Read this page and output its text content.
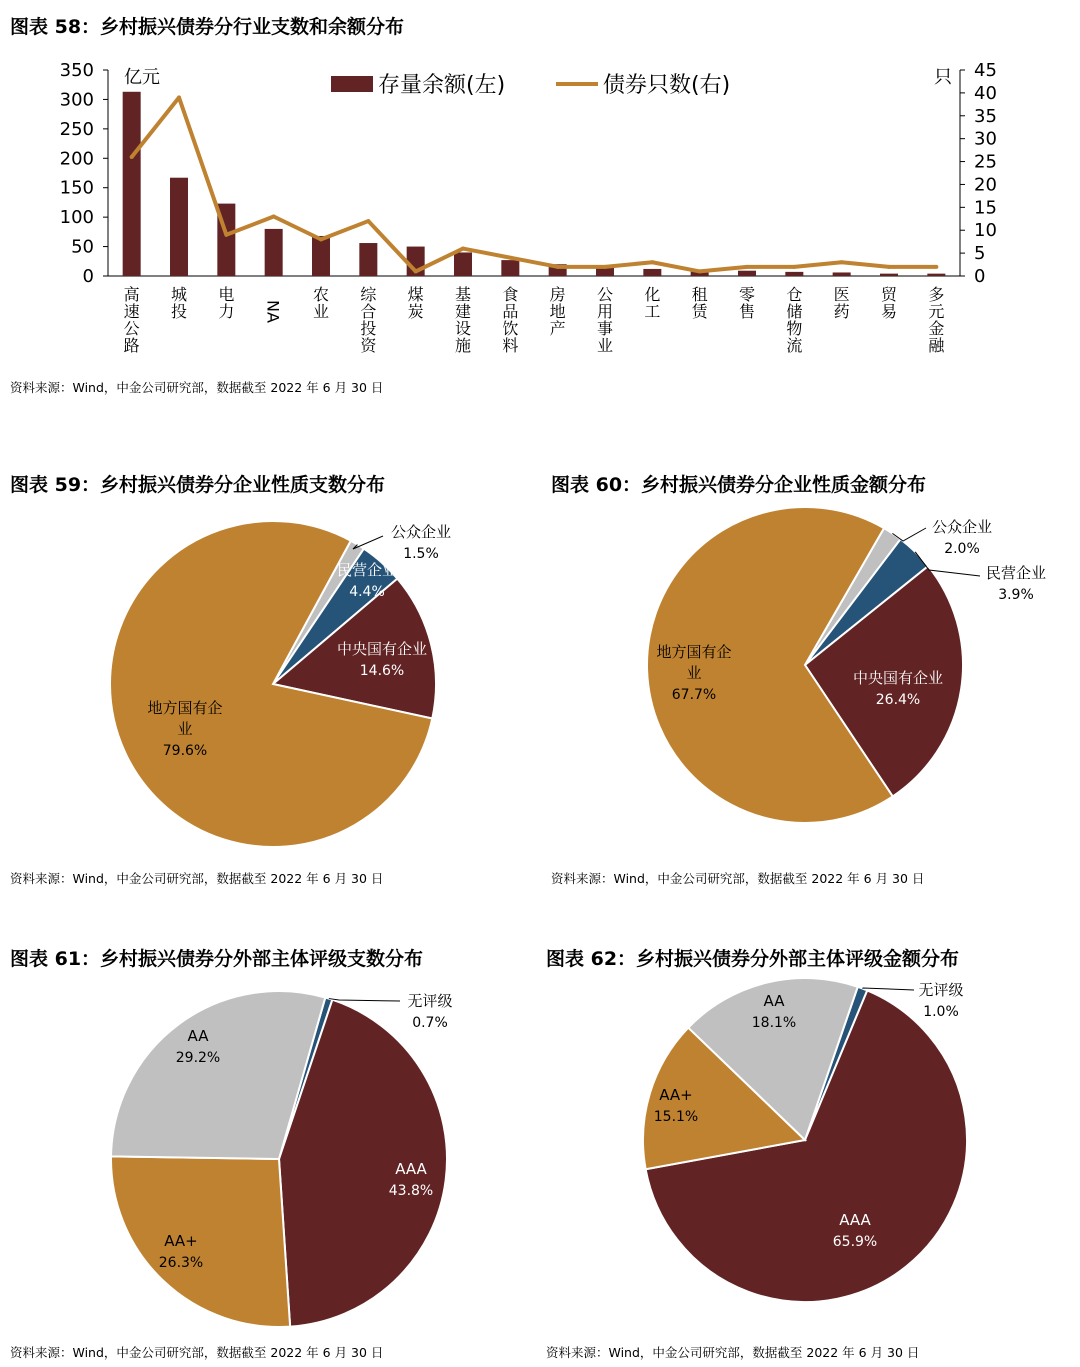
图表 58：乡村振兴债券分行业支数和余额分布
0
50
100
150
200
250
300
350
0
5
10
15
20
25
30
35
40
45
亿元	只
存量余额(左)	债券只数(右)
高速公路
城投
电力 NA
农业
综合投资
煤炭
基建设施
食品饮料
房地产
公用事业
化工
租赁
零售
仓储物流
医药
贸易
多元金融
资料来源：Wind，中金公司研究部，数据截至 2022 年 6 月 30 日
图表 59：乡村振兴债券分企业性质支数分布
公众企业
1.5%
民营企业
4.4%
中央国有企业
14.6%
地方国有企
业
79.6%
资料来源：Wind，中金公司研究部，数据截至 2022 年 6 月 30 日
图表 60：乡村振兴债券分企业性质金额分布
公众企业
2.0%
民营企业
3.9%
中央国有企业
26.4%
地方国有企
业
67.7%
资料来源：Wind，中金公司研究部，数据截至 2022 年 6 月 30 日
图表 61：乡村振兴债券分外部主体评级支数分布
无评级
0.7%
AAA
43.8%
AA+
26.3%
AA
29.2%
资料来源：Wind，中金公司研究部，数据截至 2022 年 6 月 30 日
图表 62：乡村振兴债券分外部主体评级金额分布
无评级
1.0%
AAA
65.9%
AA+
15.1%
AA
18.1%
资料来源：Wind，中金公司研究部，数据截至 2022 年 6 月 30 日
